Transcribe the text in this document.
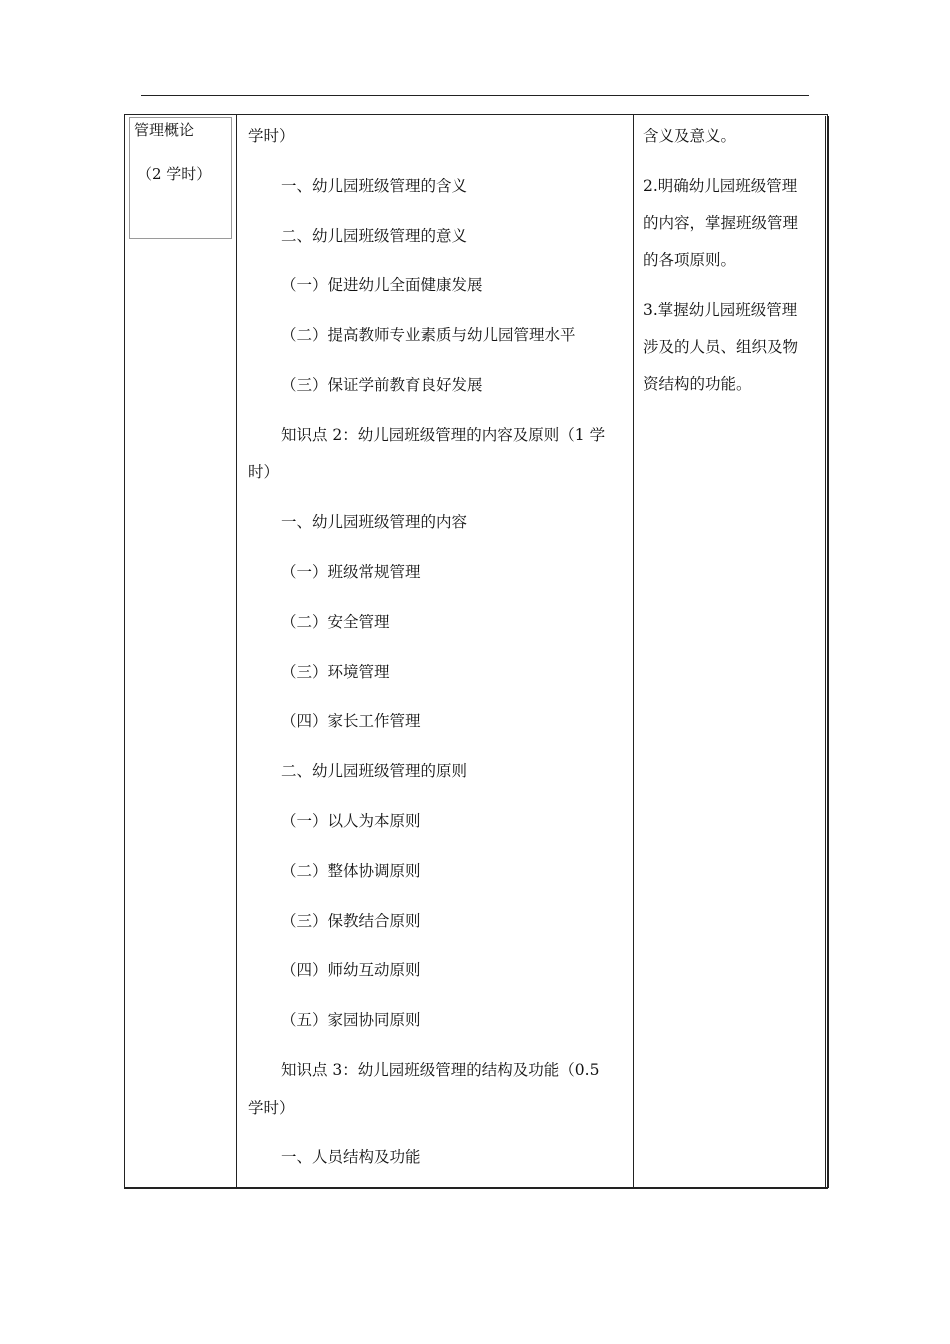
管理概论
（2 学时）
学时）
一、幼儿园班级管理的含义
二、幼儿园班级管理的意义
（一）促进幼儿全面健康发展
（二）提高教师专业素质与幼儿园管理水平
（三）保证学前教育良好发展
知识点 2：幼儿园班级管理的内容及原则（1 学
时）
一、幼儿园班级管理的内容
（一）班级常规管理
（二）安全管理
（三）环境管理
（四）家长工作管理
二、幼儿园班级管理的原则
（一）以人为本原则
（二）整体协调原则
（三）保教结合原则
（四）师幼互动原则
（五）家园协同原则
知识点 3：幼儿园班级管理的结构及功能（0.5
学时）
一、人员结构及功能
含义及意义。
2.明确幼儿园班级管理
的内容，掌握班级管理
的各项原则。
3.掌握幼儿园班级管理
涉及的人员、组织及物
资结构的功能。
